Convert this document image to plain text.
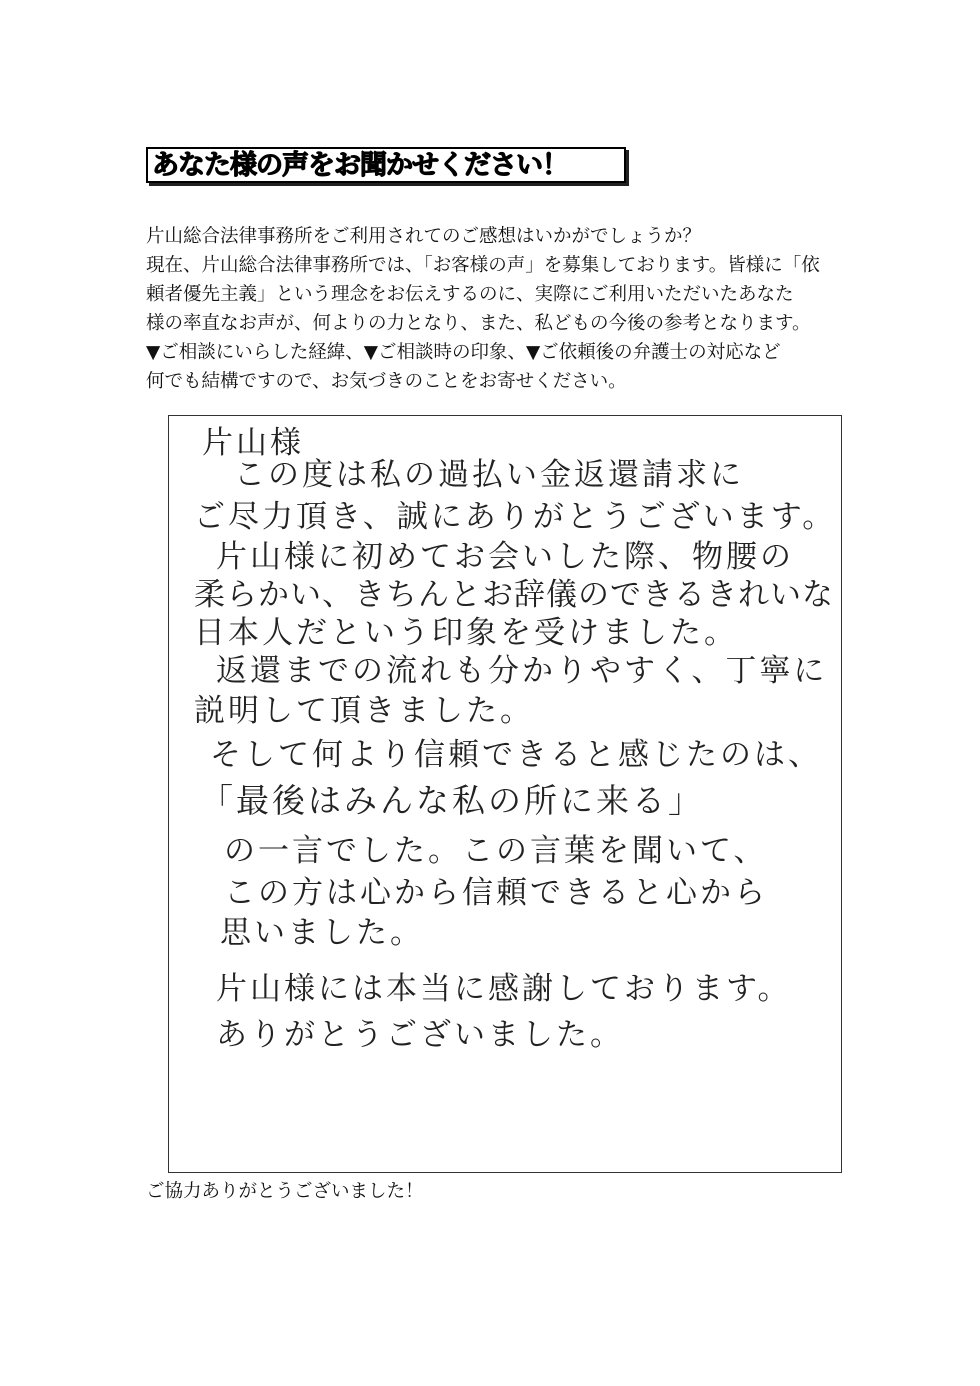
あなた様の声をお聞かせください！
片山総合法律事務所をご利用されてのご感想はいかがでしょうか？
現在、片山総合法律事務所では、「お客様の声」を募集しております。皆様に「依
頼者優先主義」という理念をお伝えするのに、実際にご利用いただいたあなた
様の率直なお声が、何よりの力となり、また、私どもの今後の参考となります。
▼ご相談にいらした経緯、▼ご相談時の印象、▼ご依頼後の弁護士の対応など
何でも結構ですので、お気づきのことをお寄せください。
片山様
この度は私の過払い金返還請求に
ご尽力頂き、誠にありがとうございます。
片山様に初めてお会いした際、物腰の
柔らかい、きちんとお辞儀のできるきれいな
日本人だという印象を受けました。
返還までの流れも分かりやすく、丁寧に
説明して頂きました。
そして何より信頼できると感じたのは、
「最後はみんな私の所に来る」
の一言でした。この言葉を聞いて、
この方は心から信頼できると心から
思いました。
片山様には本当に感謝しております。
ありがとうございました。
ご協力ありがとうございました！
